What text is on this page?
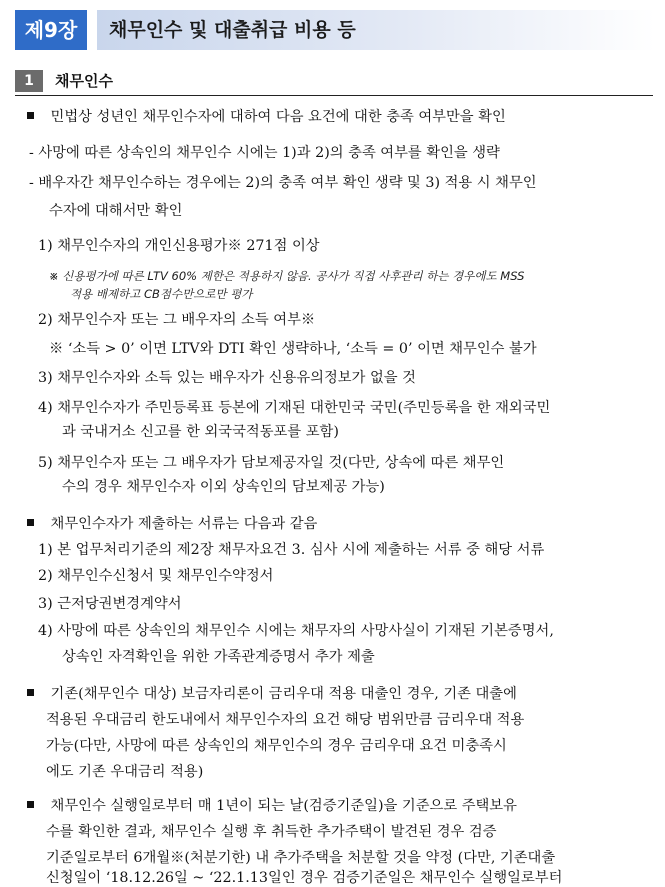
제9장	채무인수 및 대출취급 비용 등
1	채무인수
민법상 성년인 채무인수자에 대하여 다음 요건에 대한 충족 여부만을 확인
- 사망에 따른 상속인의 채무인수 시에는 1)과 2)의 충족 여부를 확인을 생략
- 배우자간 채무인수하는 경우에는 2)의 충족 여부 확인 생략 및 3) 적용 시 채무인
수자에 대해서만 확인
1) 채무인수자의 개인신용평가※ 271점 이상
※ 신용평가에 따른 LTV 60% 제한은 적용하지 않음. 공사가 직접 사후관리 하는 경우에도 MSS
적용 배제하고 CB점수만으로만 평가
2) 채무인수자 또는 그 배우자의 소득 여부※
※ ‘소득 > 0’ 이면 LTV와 DTI 확인 생략하나, ‘소득 = 0’ 이면 채무인수 불가
3) 채무인수자와 소득 있는 배우자가 신용유의정보가 없을 것
4) 채무인수자가 주민등록표 등본에 기재된 대한민국 국민(주민등록을 한 재외국민
과 국내거소 신고를 한 외국국적동포를 포함)
5) 채무인수자 또는 그 배우자가 담보제공자일 것(다만, 상속에 따른 채무인
수의 경우 채무인수자 이외 상속인의 담보제공 가능)
채무인수자가 제출하는 서류는 다음과 같음
1) 본 업무처리기준의 제2장 채무자요건 3. 심사 시에 제출하는 서류 중 해당 서류
2) 채무인수신청서 및 채무인수약정서
3) 근저당권변경계약서
4) 사망에 따른 상속인의 채무인수 시에는 채무자의 사망사실이 기재된 기본증명서,
상속인 자격확인을 위한 가족관계증명서 추가 제출
기존(채무인수 대상) 보금자리론이 금리우대 적용 대출인 경우, 기존 대출에
적용된 우대금리 한도내에서 채무인수자의 요건 해당 범위만큼 금리우대 적용
가능(다만, 사망에 따른 상속인의 채무인수의 경우 금리우대 요건 미충족시
에도 기존 우대금리 적용)
채무인수 실행일로부터 매 1년이 되는 날(검증기준일)을 기준으로 주택보유
수를 확인한 결과, 채무인수 실행 후 취득한 추가주택이 발견된 경우 검증
기준일로부터 6개월※(처분기한) 내 추가주택을 처분할 것을 약정 (다만, 기존대출
신청일이 ‘18.12.26일 ~ ‘22.1.13일인 경우 검증기준일은 채무인수 실행일로부터
